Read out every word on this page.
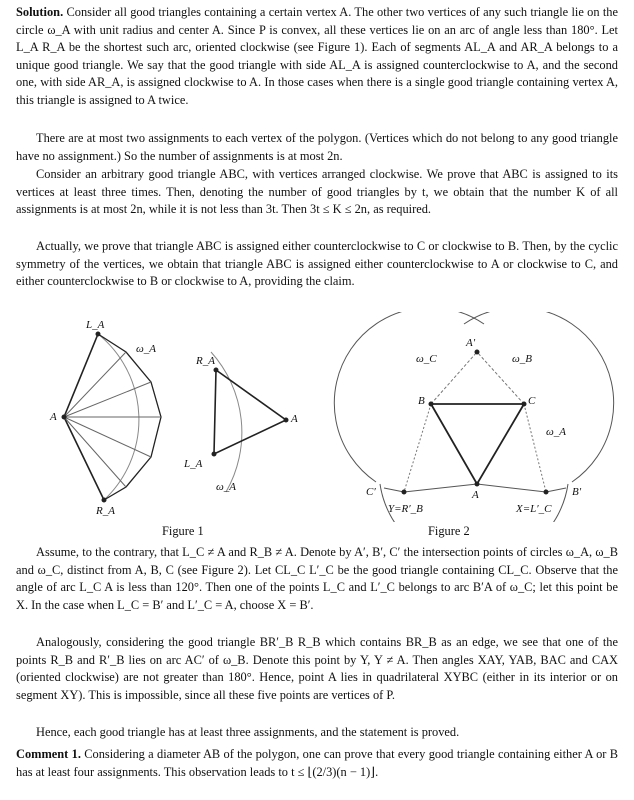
Solution. Consider all good triangles containing a certain vertex A. The other two vertices of any such triangle lie on the circle ω_A with unit radius and center A. Since P is convex, all these vertices lie on an arc of angle less than 180°. Let L_A R_A be the shortest such arc, oriented clockwise (see Figure 1). Each of segments AL_A and AR_A belongs to a unique good triangle. We say that the good triangle with side AL_A is assigned counterclockwise to A, and the second one, with side AR_A, is assigned clockwise to A. In those cases when there is a single good triangle containing vertex A, this triangle is assigned to A twice.

There are at most two assignments to each vertex of the polygon. (Vertices which do not belong to any good triangle have no assignment.) So the number of assignments is at most 2n.

Consider an arbitrary good triangle ABC, with vertices arranged clockwise. We prove that ABC is assigned to its vertices at least three times. Then, denoting the number of good triangles by t, we obtain that the number K of all assignments is at most 2n, while it is not less than 3t. Then 3t ≤ K ≤ 2n, as required.

Actually, we prove that triangle ABC is assigned either counterclockwise to C or clockwise to B. Then, by the cyclic symmetry of the vertices, we obtain that triangle ABC is assigned either counterclockwise to A or clockwise to C, and either counterclockwise to B or clockwise to A, providing the claim.

L_A
ω_A
A
R_A
R_A
A
L_A
ω_A
A′
ω_C	ω_B
B	C
ω_A
C′	B′
A
Y=R′_B	X=L′_C
Figure 1	Figure 2

Assume, to the contrary, that L_C ≠ A and R_B ≠ A. Denote by A′, B′, C′ the intersection points of circles ω_A, ω_B and ω_C, distinct from A, B, C (see Figure 2). Let CL_C L′_C be the good triangle containing CL_C. Observe that the angle of arc L_C A is less than 120°. Then one of the points L_C and L′_C belongs to arc B′A of ω_C; let this point be X. In the case when L_C = B′ and L′_C = A, choose X = B′.

Analogously, considering the good triangle BR′_B R_B which contains BR_B as an edge, we see that one of the points R_B and R′_B lies on arc AC′ of ω_B. Denote this point by Y, Y ≠ A. Then angles XAY, YAB, BAC and CAX (oriented clockwise) are not greater than 180°. Hence, point A lies in quadrilateral XYBC (either in its interior or on segment XY). This is impossible, since all these five points are vertices of P.

Hence, each good triangle has at least three assignments, and the statement is proved.

Comment 1. Considering a diameter AB of the polygon, one can prove that every good triangle containing either A or B has at least four assignments. This observation leads to t ≤ ⌊(2/3)(n − 1)⌋.
